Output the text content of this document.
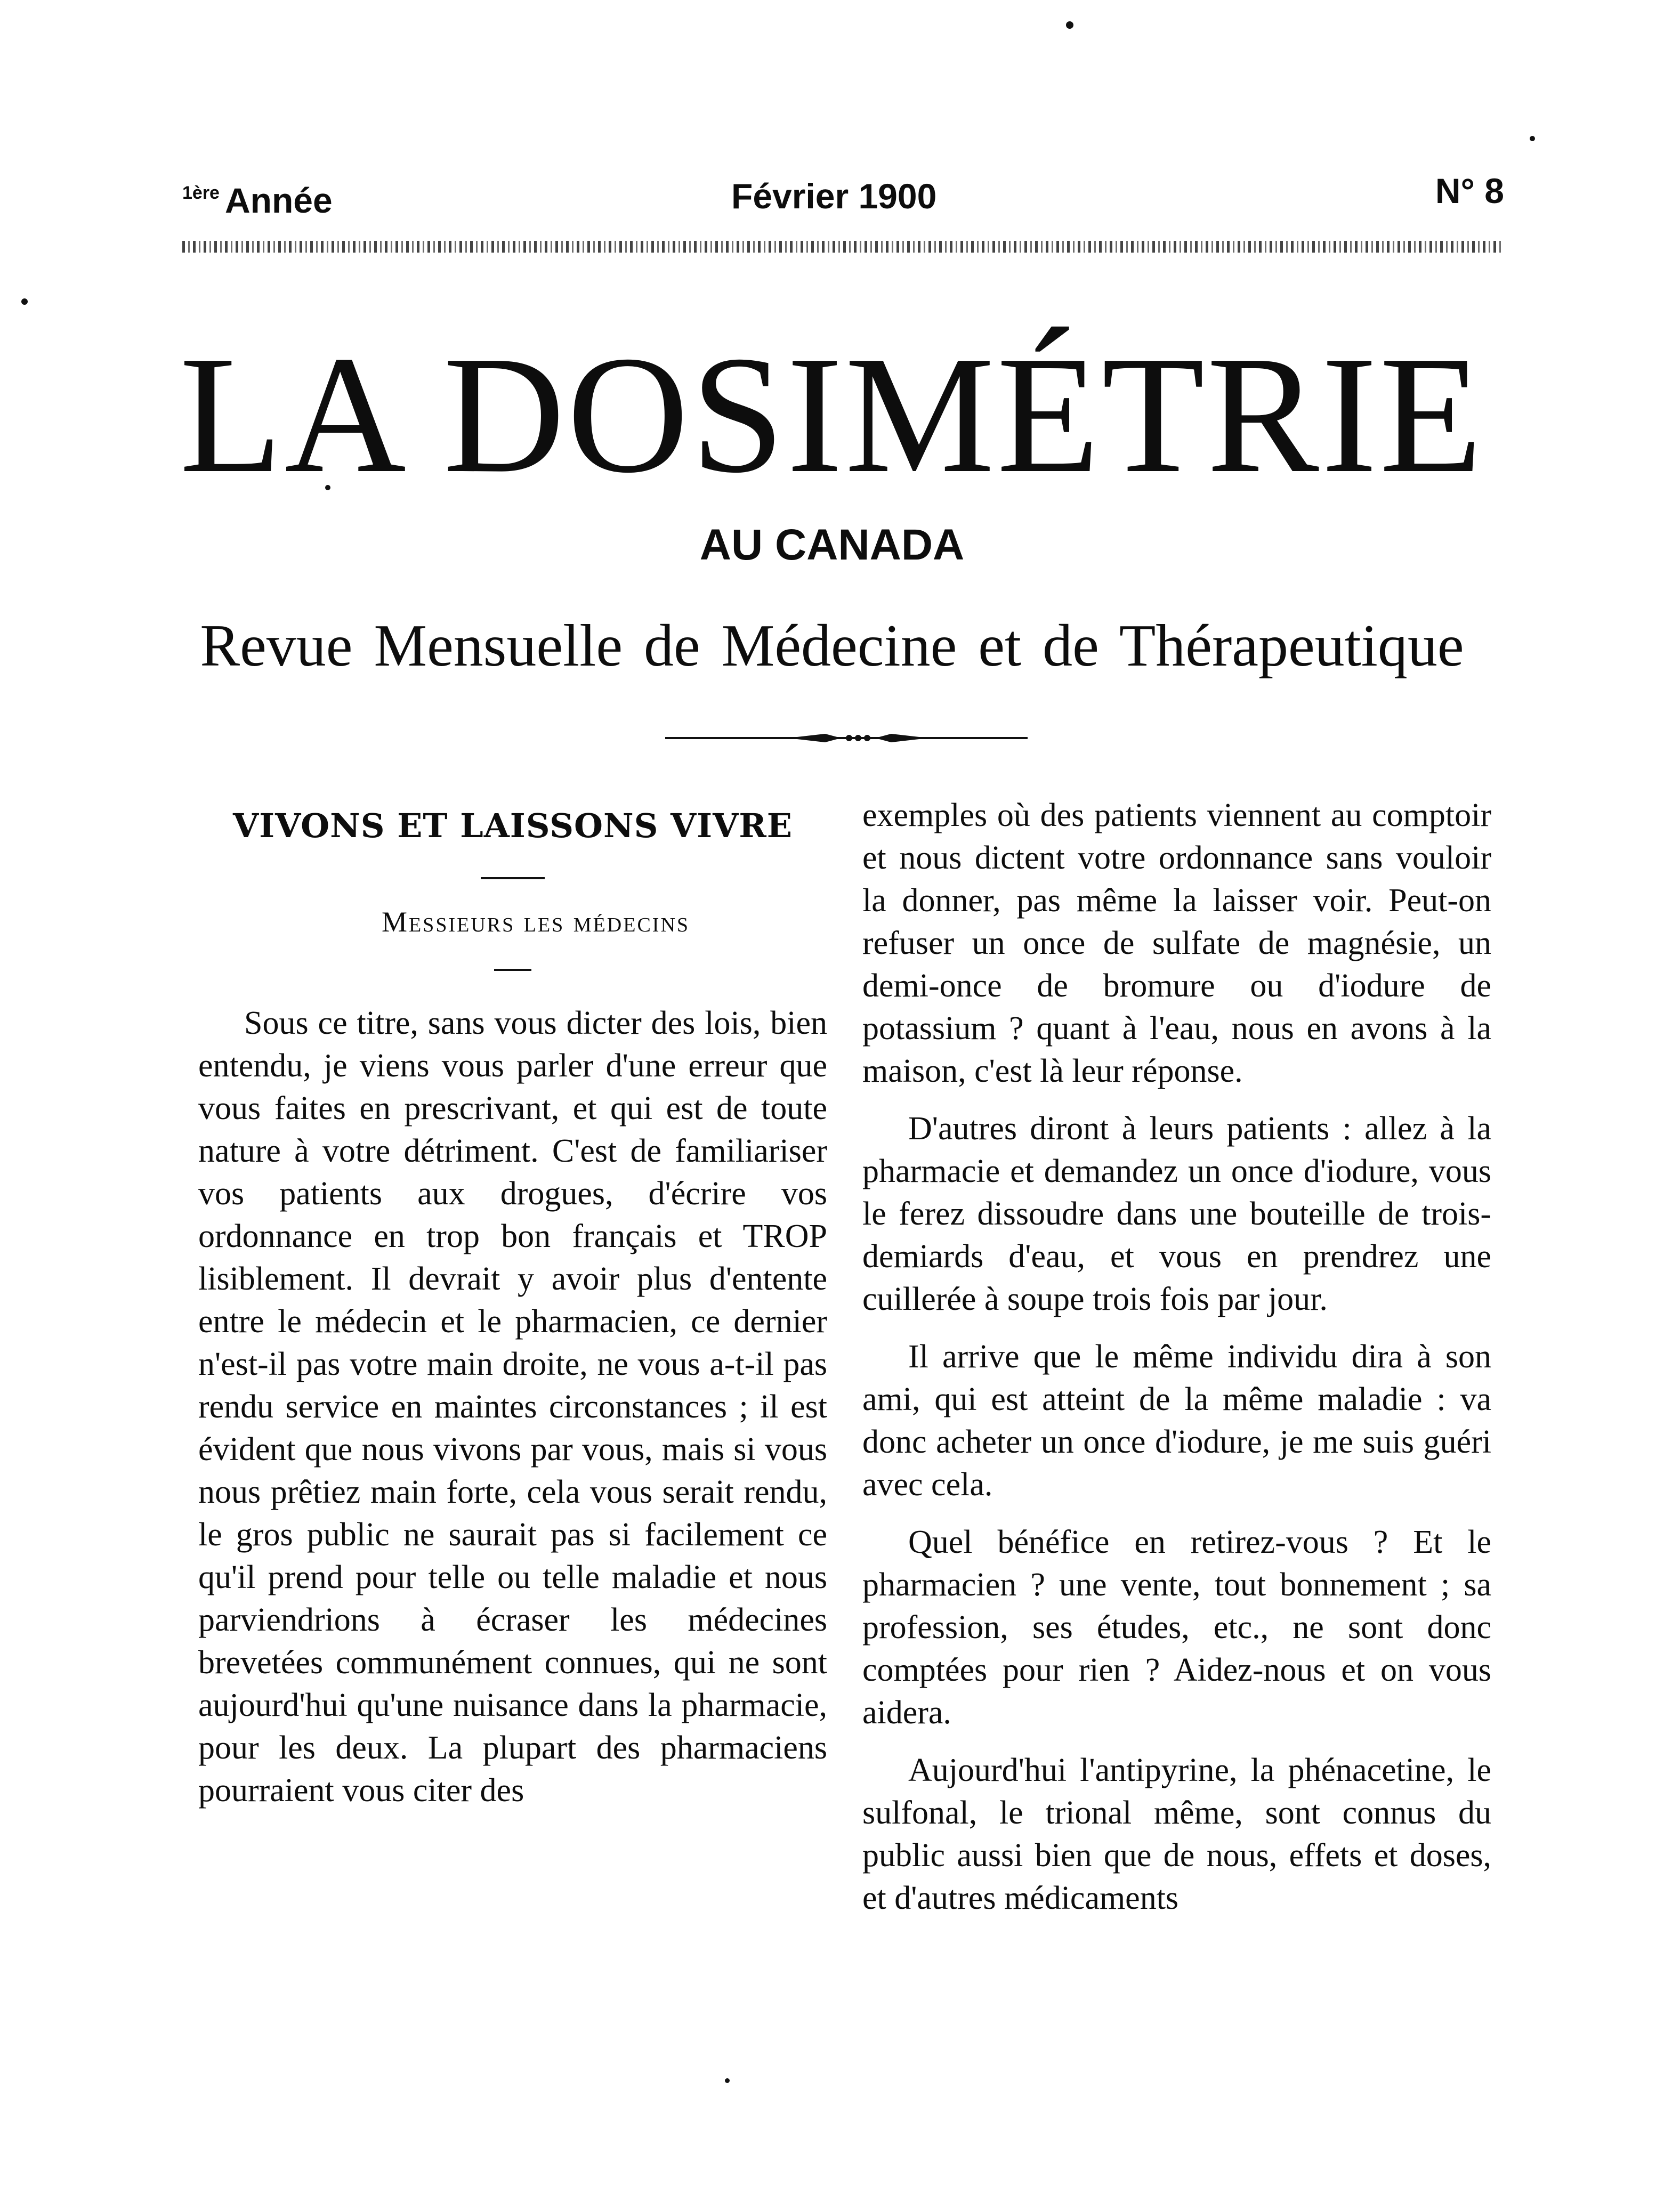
$^{1ère}$ Année	Février 1900	N° 8
LA DOSIMÉTRIE
AU CANADA
Revue Mensuelle de Médecine et de Thérapeutique
VIVONS ET LAISSONS VIVRE

Messieurs les médecins

Sous ce titre, sans vous dicter des lois, bien entendu, je viens vous parler d'une erreur que vous faites en prescrivant, et qui est de toute nature à votre détriment. C'est de familiariser vos patients aux drogues, d'écrire vos ordonnance en trop bon français et TROP lisiblement. Il devrait y avoir plus d'entente entre le médecin et le pharmacien, ce dernier n'est-il pas votre main droite, ne vous a-t-il pas rendu service en maintes circonstances ; il est évident que nous vivons par vous, mais si vous nous prêtiez main forte, cela vous serait rendu, le gros public ne saurait pas si facilement ce qu'il prend pour telle ou telle maladie et nous parviendrions à écraser les médecines brevetées communément connues, qui ne sont aujourd'hui qu'une nuisance dans la pharmacie, pour les deux. La plupart des pharmaciens pourraient vous citer des

exemples où des patients viennent au comptoir et nous dictent votre ordonnance sans vouloir la donner, pas même la laisser voir. Peut-on refuser un once de sulfate de magnésie, un demi-once de bromure ou d'iodure de potassium ? quant à l'eau, nous en avons à la maison, c'est là leur réponse.

D'autres diront à leurs patients : allez à la pharmacie et demandez un once d'iodure, vous le ferez dissoudre dans une bouteille de trois-demiards d'eau, et vous en prendrez une cuillerée à soupe trois fois par jour.

Il arrive que le même individu dira à son ami, qui est atteint de la même maladie : va donc acheter un once d'iodure, je me suis guéri avec cela.

Quel bénéfice en retirez-vous ? Et le pharmacien ? une vente, tout bonnement ; sa profession, ses études, etc., ne sont donc comptées pour rien ? Aidez-nous et on vous aidera.

Aujourd'hui l'antipyrine, la phénacetine, le sulfonal, le trional même, sont connus du public aussi bien que de nous, effets et doses, et d'autres médicaments
